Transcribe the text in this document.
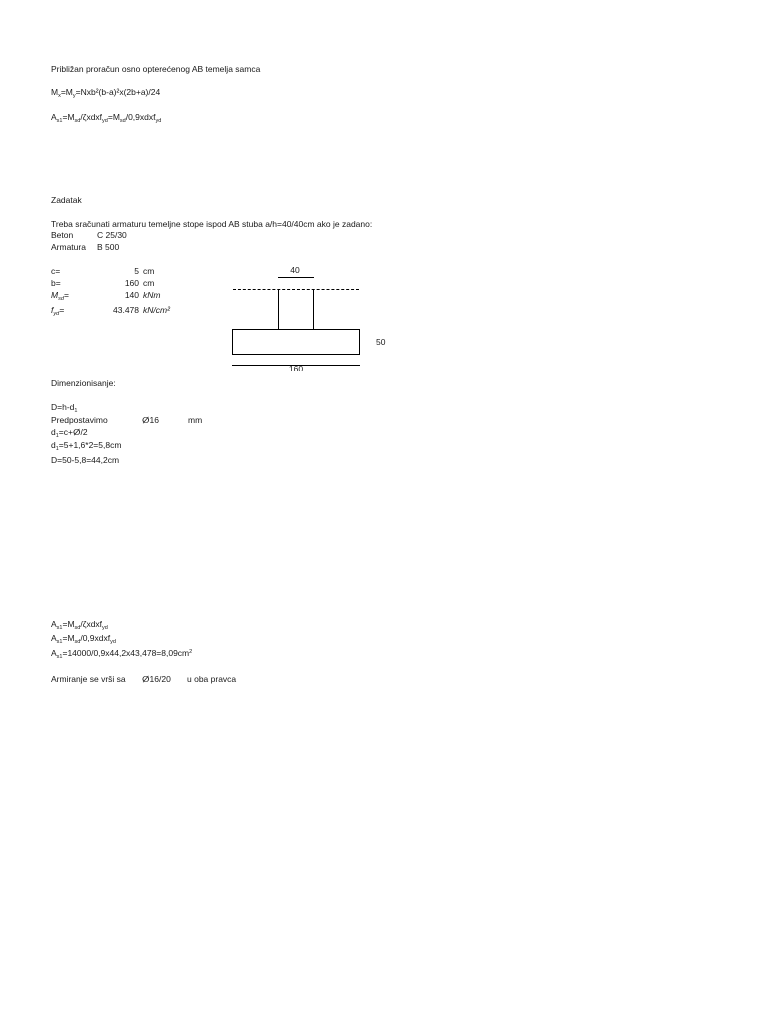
Približan proračun osno opterećenog AB temelja samca
$M_x=M_y=Nxb^2(b-a)^2x(2b+a)/24$
$A_{s1}=M_{sd}/\zeta xdxf_{yd}=M_{sd}/0,9xdxf_{yd}$
Zadatak
Treba sračunati armaturu temeljne stope ispod AB stuba a/h=40/40cm ako je zadano:
Beton	C 25/30
Armatura B 500
c=	5 cm
b=	160 cm
$M_{sd}=$	140 kNm
$f_{yd}=$	43.478 kN/cm²
40
50
160
Dimenzionisanje:
$D=h-d_1$
Predpostavimo	ⵁ16	mm
$d_1=c+ⵁ/2$
$d_1=5+1,6*2=5,8cm$
D=50-5,8=44,2cm
$A_{s1}=M_{sd}/\zeta xdxf_{yd}$
$A_{s1}=M_{sd}/0,9xdxf_{yd}$
$A_{s1}=14000/0,9x44,2x43,478=8,09cm^2$
Armiranje se vrši sa ⵁ16/20 u oba pravca
